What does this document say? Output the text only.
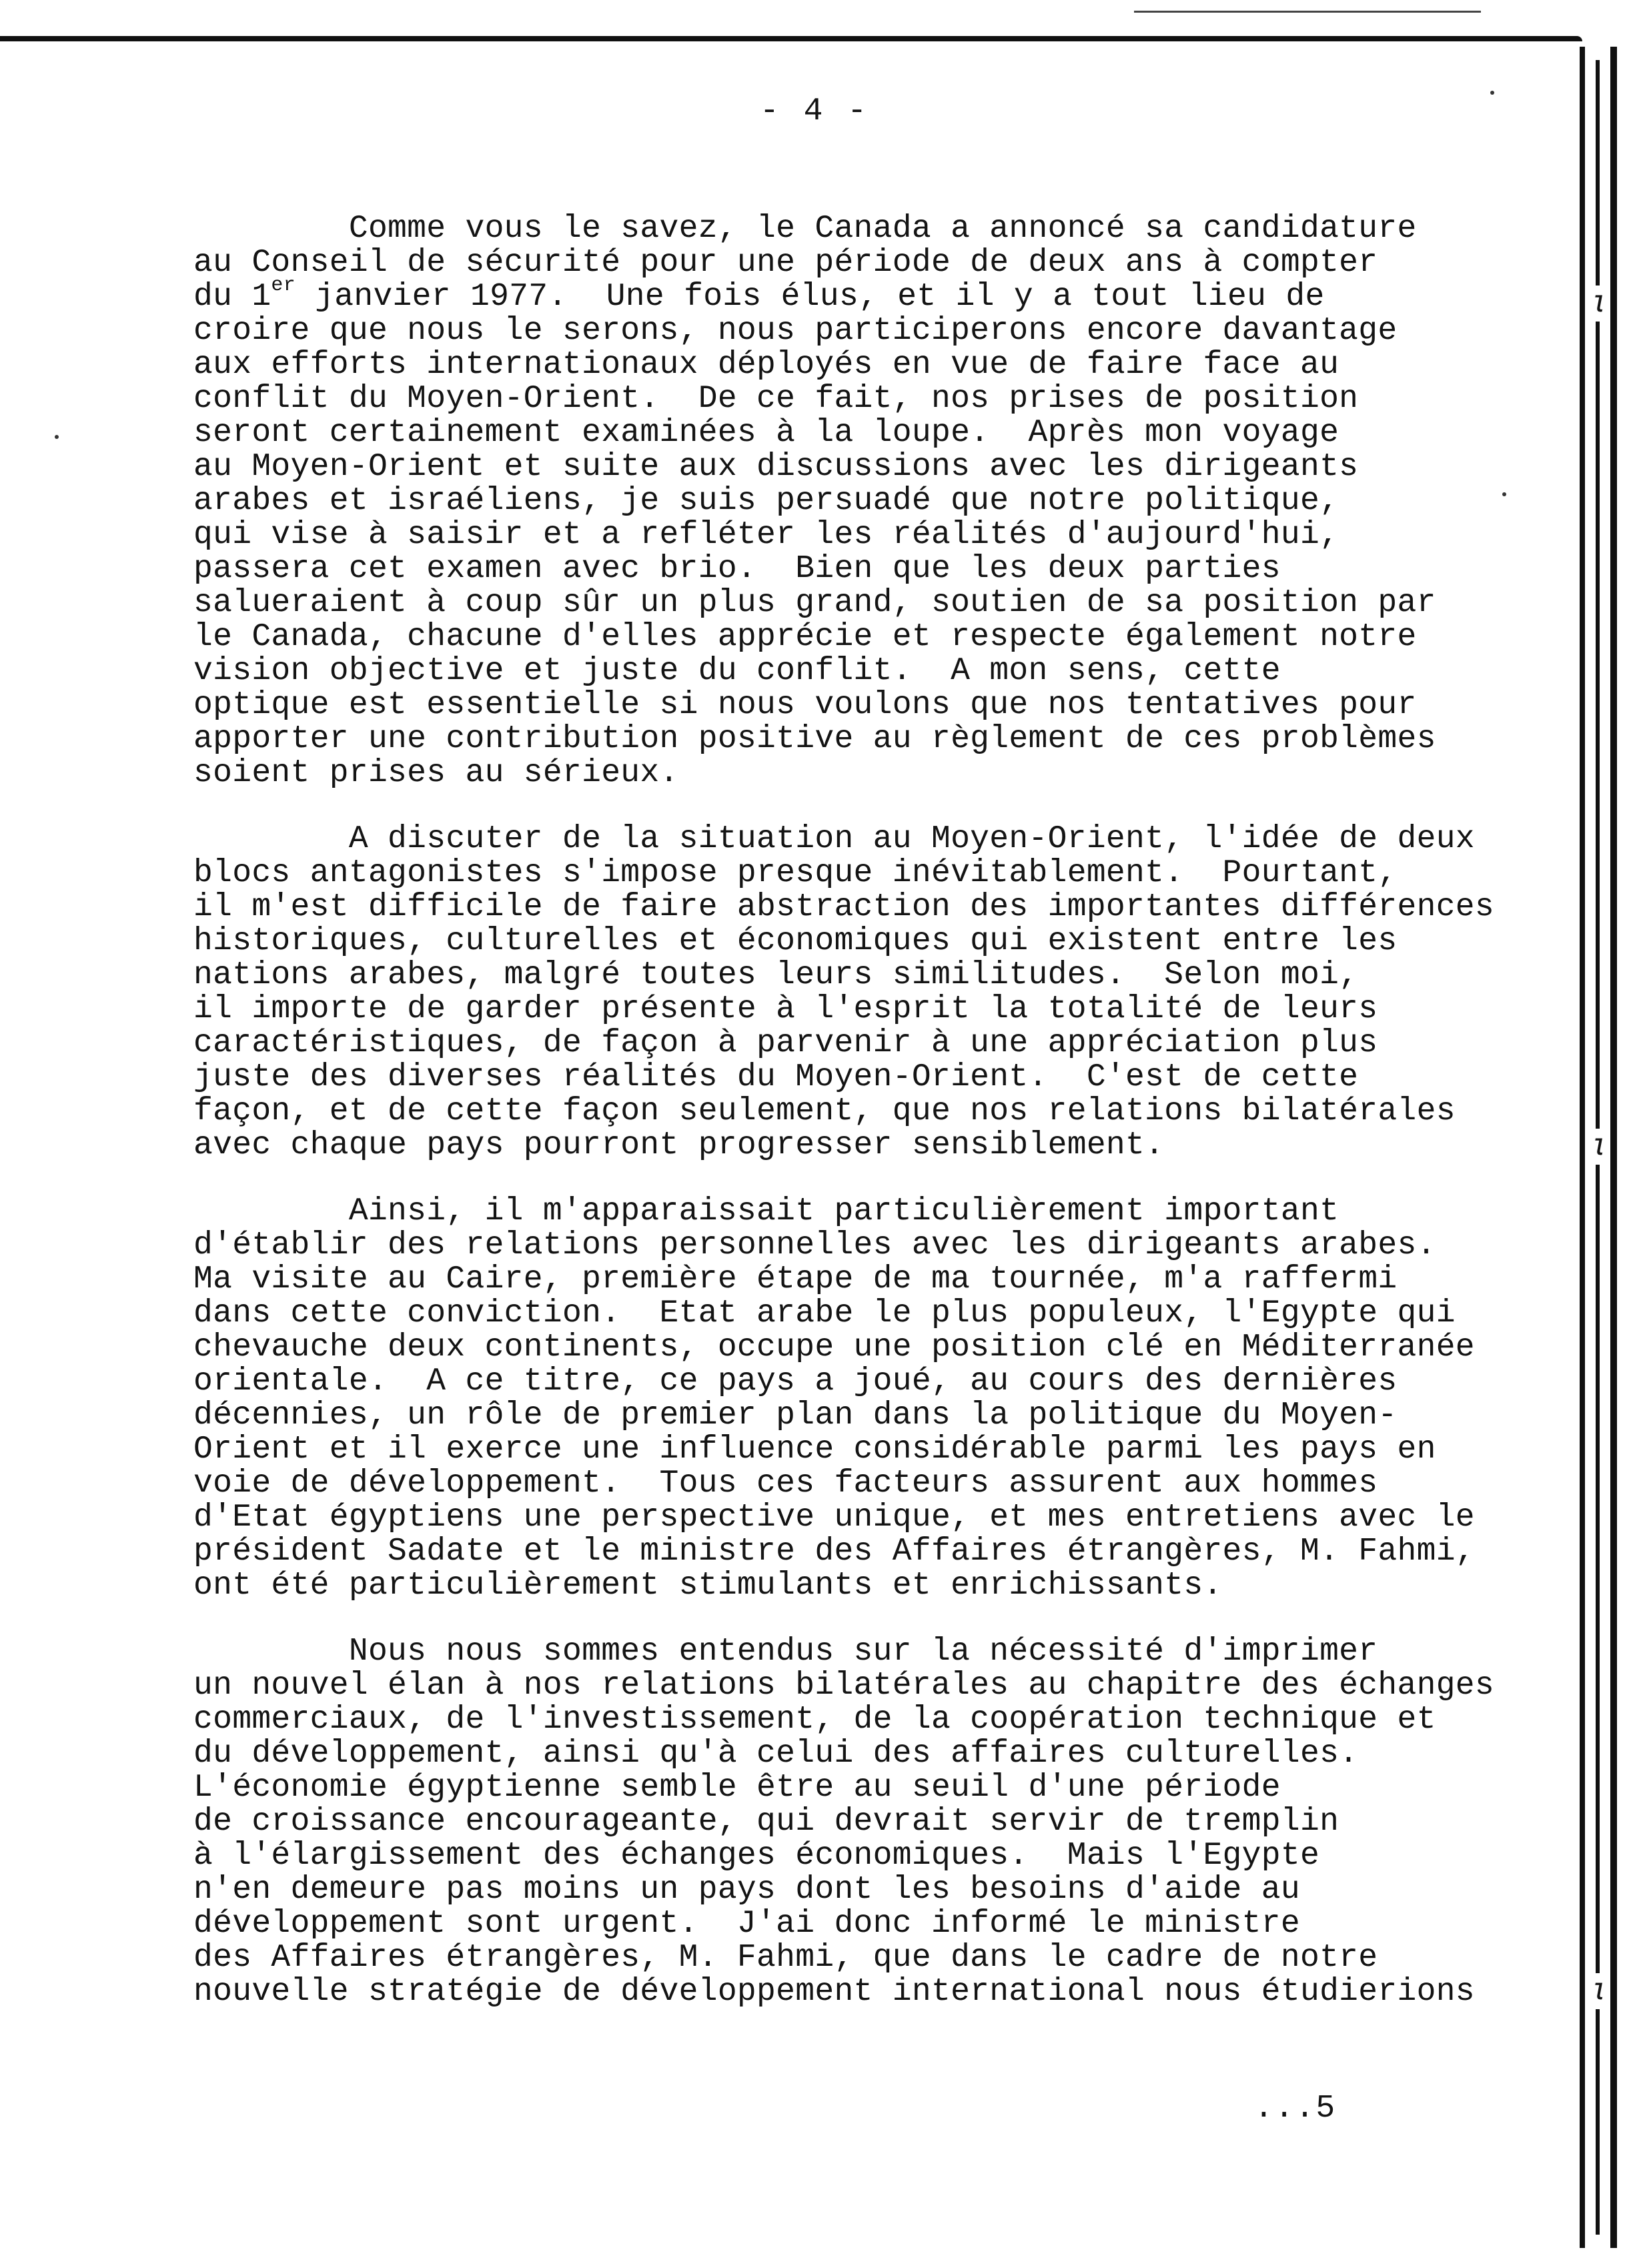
ɩ
ɩ
ɩ
- 4 -
Comme vous le savez, le Canada a annoncé sa candidature
au Conseil de sécurité pour une période de deux ans à compter
du 1er janvier 1977.  Une fois élus, et il y a tout lieu de
croire que nous le serons, nous participerons encore davantage
aux efforts internationaux déployés en vue de faire face au
conflit du Moyen-Orient.  De ce fait, nos prises de position
seront certainement examinées à la loupe.  Après mon voyage
au Moyen-Orient et suite aux discussions avec les dirigeants
arabes et israéliens, je suis persuadé que notre politique,
qui vise à saisir et a refléter les réalités d'aujourd'hui,
passera cet examen avec brio.  Bien que les deux parties
salueraient à coup sûr un plus grand, soutien de sa position par
le Canada, chacune d'elles apprécie et respecte également notre
vision objective et juste du conflit.  A mon sens, cette
optique est essentielle si nous voulons que nos tentatives pour
apporter une contribution positive au règlement de ces problèmes
soient prises au sérieux.
A discuter de la situation au Moyen-Orient, l'idée de deux
blocs antagonistes s'impose presque inévitablement.  Pourtant,
il m'est difficile de faire abstraction des importantes différences
historiques, culturelles et économiques qui existent entre les
nations arabes, malgré toutes leurs similitudes.  Selon moi,
il importe de garder présente à l'esprit la totalité de leurs
caractéristiques, de façon à parvenir à une appréciation plus
juste des diverses réalités du Moyen-Orient.  C'est de cette
façon, et de cette façon seulement, que nos relations bilatérales
avec chaque pays pourront progresser sensiblement.
Ainsi, il m'apparaissait particulièrement important
d'établir des relations personnelles avec les dirigeants arabes.
Ma visite au Caire, première étape de ma tournée, m'a raffermi
dans cette conviction.  Etat arabe le plus populeux, l'Egypte qui
chevauche deux continents, occupe une position clé en Méditerranée
orientale.  A ce titre, ce pays a joué, au cours des dernières
décennies, un rôle de premier plan dans la politique du Moyen-
Orient et il exerce une influence considérable parmi les pays en
voie de développement.  Tous ces facteurs assurent aux hommes
d'Etat égyptiens une perspective unique, et mes entretiens avec le
président Sadate et le ministre des Affaires étrangères, M. Fahmi,
ont été particulièrement stimulants et enrichissants.
Nous nous sommes entendus sur la nécessité d'imprimer
un nouvel élan à nos relations bilatérales au chapitre des échanges
commerciaux, de l'investissement, de la coopération technique et
du développement, ainsi qu'à celui des affaires culturelles.
L'économie égyptienne semble être au seuil d'une période
de croissance encourageante, qui devrait servir de tremplin
à l'élargissement des échanges économiques.  Mais l'Egypte
n'en demeure pas moins un pays dont les besoins d'aide au
développement sont urgent.  J'ai donc informé le ministre
des Affaires étrangères, M. Fahmi, que dans le cadre de notre
nouvelle stratégie de développement international nous étudierions
...5
